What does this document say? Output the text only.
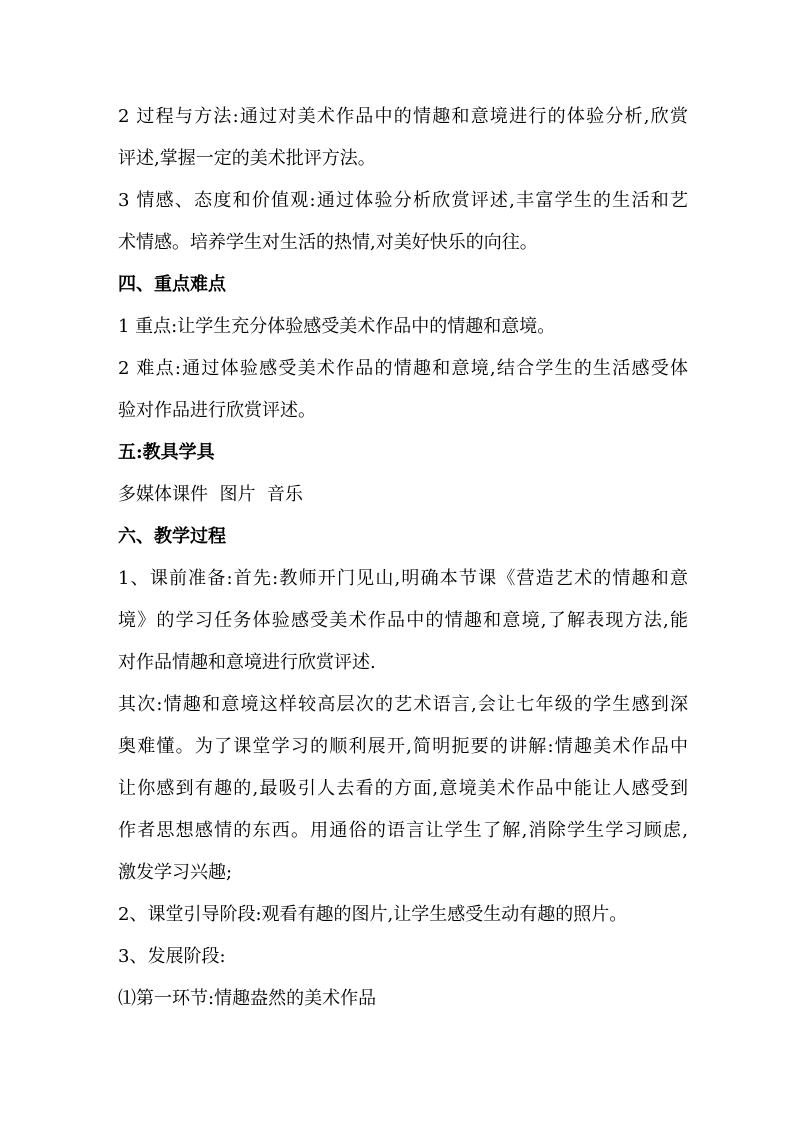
2 过程与方法:通过对美术作品中的情趣和意境进行的体验分析,欣赏
评述,掌握一定的美术批评方法。
3 情感、态度和价值观:通过体验分析欣赏评述,丰富学生的生活和艺
术情感。培养学生对生活的热情,对美好快乐的向往。
四、重点难点
1 重点:让学生充分体验感受美术作品中的情趣和意境。
2 难点:通过体验感受美术作品的情趣和意境,结合学生的生活感受体
验对作品进行欣赏评述。
五:教具学具
多媒体课件  图片  音乐
六、教学过程
1、课前准备:首先:教师开门见山,明确本节课《营造艺术的情趣和意
境》的学习任务体验感受美术作品中的情趣和意境,了解表现方法,能
对作品情趣和意境进行欣赏评述.
其次:情趣和意境这样较高层次的艺术语言,会让七年级的学生感到深
奥难懂。为了课堂学习的顺利展开,简明扼要的讲解:情趣美术作品中
让你感到有趣的,最吸引人去看的方面,意境美术作品中能让人感受到
作者思想感情的东西。用通俗的语言让学生了解,消除学生学习顾虑,
激发学习兴趣;
2、课堂引导阶段:观看有趣的图片,让学生感受生动有趣的照片。
3、发展阶段:
⑴第一环节:情趣盎然的美术作品
